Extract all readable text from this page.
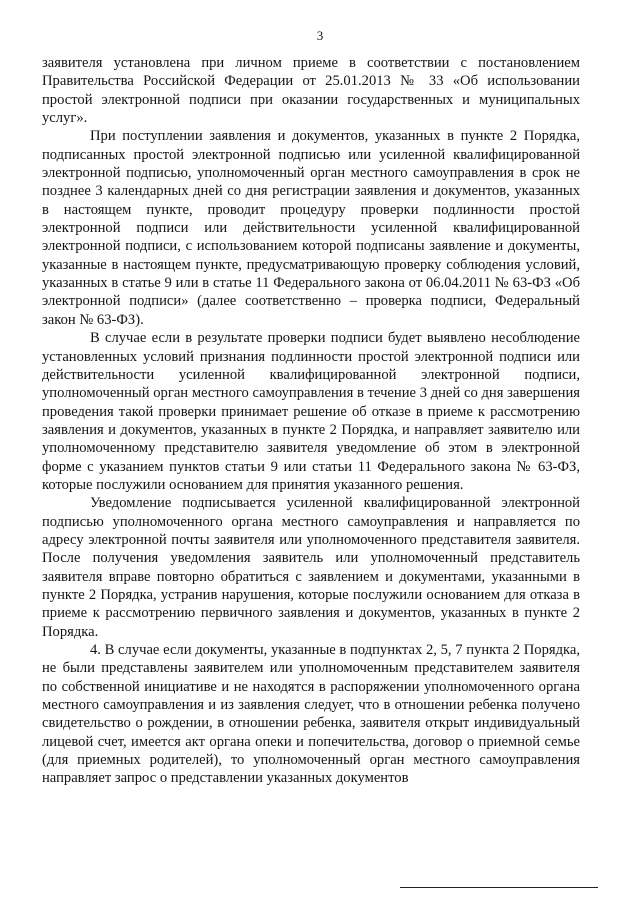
3

заявителя установлена при личном приеме в соответствии с постановлением Правительства Российской Федерации от 25.01.2013 № 33 «Об использовании простой электронной подписи при оказании государственных и муниципальных услуг».

При поступлении заявления и документов, указанных в пункте 2 Порядка, подписанных простой электронной подписью или усиленной квалифицированной электронной подписью, уполномоченный орган местного самоуправления в срок не позднее 3 календарных дней со дня регистрации заявления и документов, указанных в настоящем пункте, проводит процедуру проверки подлинности простой электронной подписи или действительности усиленной квалифицированной электронной подписи, с использованием которой подписаны заявление и документы, указанные в настоящем пункте, предусматривающую проверку соблюдения условий, указанных в статье 9 или в статье 11 Федерального закона от 06.04.2011 № 63-ФЗ «Об электронной подписи» (далее соответственно – проверка подписи, Федеральный закон № 63-ФЗ).

В случае если в результате проверки подписи будет выявлено несоблюдение установленных условий признания подлинности простой электронной подписи или действительности усиленной квалифицированной электронной подписи, уполномоченный орган местного самоуправления в течение 3 дней со дня завершения проведения такой проверки принимает решение об отказе в приеме к рассмотрению заявления и документов, указанных в пункте 2 Порядка, и направляет заявителю или уполномоченному представителю заявителя уведомление об этом в электронной форме с указанием пунктов статьи 9 или статьи 11 Федерального закона № 63-ФЗ, которые послужили основанием для принятия указанного решения.

Уведомление подписывается усиленной квалифицированной электронной подписью уполномоченного органа местного самоуправления и направляется по адресу электронной почты заявителя или уполномоченного представителя заявителя. После получения уведомления заявитель или уполномоченный представитель заявителя вправе повторно обратиться с заявлением и документами, указанными в пункте 2 Порядка, устранив нарушения, которые послужили основанием для отказа в приеме к рассмотрению первичного заявления и документов, указанных в пункте 2 Порядка.

4. В случае если документы, указанные в подпунктах 2, 5, 7 пункта 2 Порядка, не были представлены заявителем или уполномоченным представителем заявителя по собственной инициативе и не находятся в распоряжении уполномоченного органа местного самоуправления и из заявления следует, что в отношении ребенка получено свидетельство о рождении, в отношении ребенка, заявителя открыт индивидуальный лицевой счет, имеется акт органа опеки и попечительства, договор о приемной семье (для приемных родителей), то уполномоченный орган местного самоуправления направляет запрос о представлении указанных документов
